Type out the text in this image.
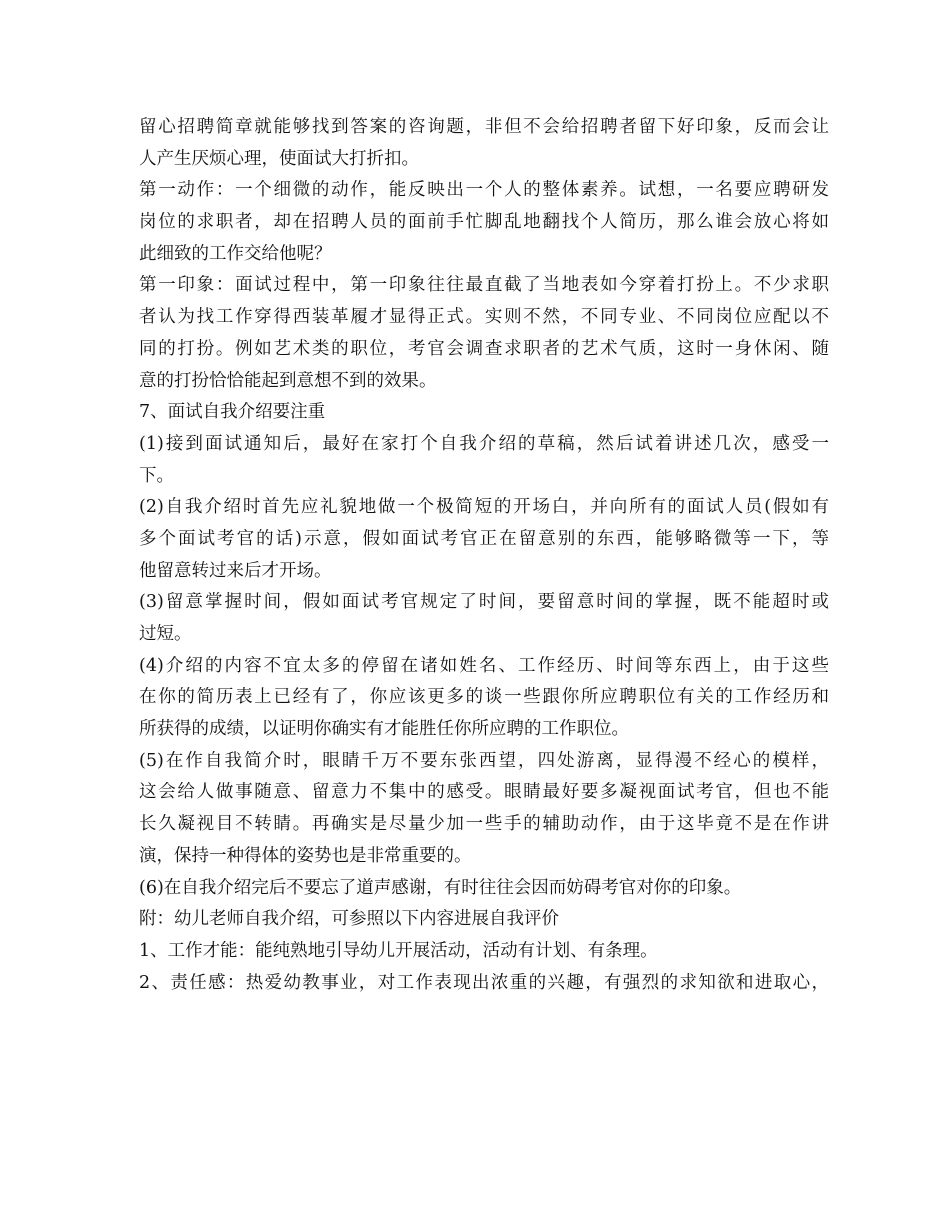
留心招聘简章就能够找到答案的咨询题，非但不会给招聘者留下好印象，反而会让
人产生厌烦心理，使面试大打折扣。
第一动作：一个细微的动作，能反映出一个人的整体素养。试想，一名要应聘研发
岗位的求职者，却在招聘人员的面前手忙脚乱地翻找个人简历，那么谁会放心将如
此细致的工作交给他呢？
第一印象：面试过程中，第一印象往往最直截了当地表如今穿着打扮上。不少求职
者认为找工作穿得西装革履才显得正式。实则不然，不同专业、不同岗位应配以不
同的打扮。例如艺术类的职位，考官会调查求职者的艺术气质，这时一身休闲、随
意的打扮恰恰能起到意想不到的效果。
7、面试自我介绍要注重
(1)接到面试通知后，最好在家打个自我介绍的草稿，然后试着讲述几次，感受一
下。
(2)自我介绍时首先应礼貌地做一个极简短的开场白，并向所有的面试人员(假如有
多个面试考官的话)示意，假如面试考官正在留意别的东西，能够略微等一下，等
他留意转过来后才开场。
(3)留意掌握时间，假如面试考官规定了时间，要留意时间的掌握，既不能超时或
过短。
(4)介绍的内容不宜太多的停留在诸如姓名、工作经历、时间等东西上，由于这些
在你的简历表上已经有了，你应该更多的谈一些跟你所应聘职位有关的工作经历和
所获得的成绩，以证明你确实有才能胜任你所应聘的工作职位。
(5)在作自我简介时，眼睛千万不要东张西望，四处游离，显得漫不经心的模样，
这会给人做事随意、留意力不集中的感受。眼睛最好要多凝视面试考官，但也不能
长久凝视目不转睛。再确实是尽量少加一些手的辅助动作，由于这毕竟不是在作讲
演，保持一种得体的姿势也是非常重要的。
(6)在自我介绍完后不要忘了道声感谢，有时往往会因而妨碍考官对你的印象。
附：幼儿老师自我介绍，可参照以下内容进展自我评价
1、工作才能：能纯熟地引导幼儿开展活动，活动有计划、有条理。
2、责任感：热爱幼教事业，对工作表现出浓重的兴趣，有强烈的求知欲和进取心，
